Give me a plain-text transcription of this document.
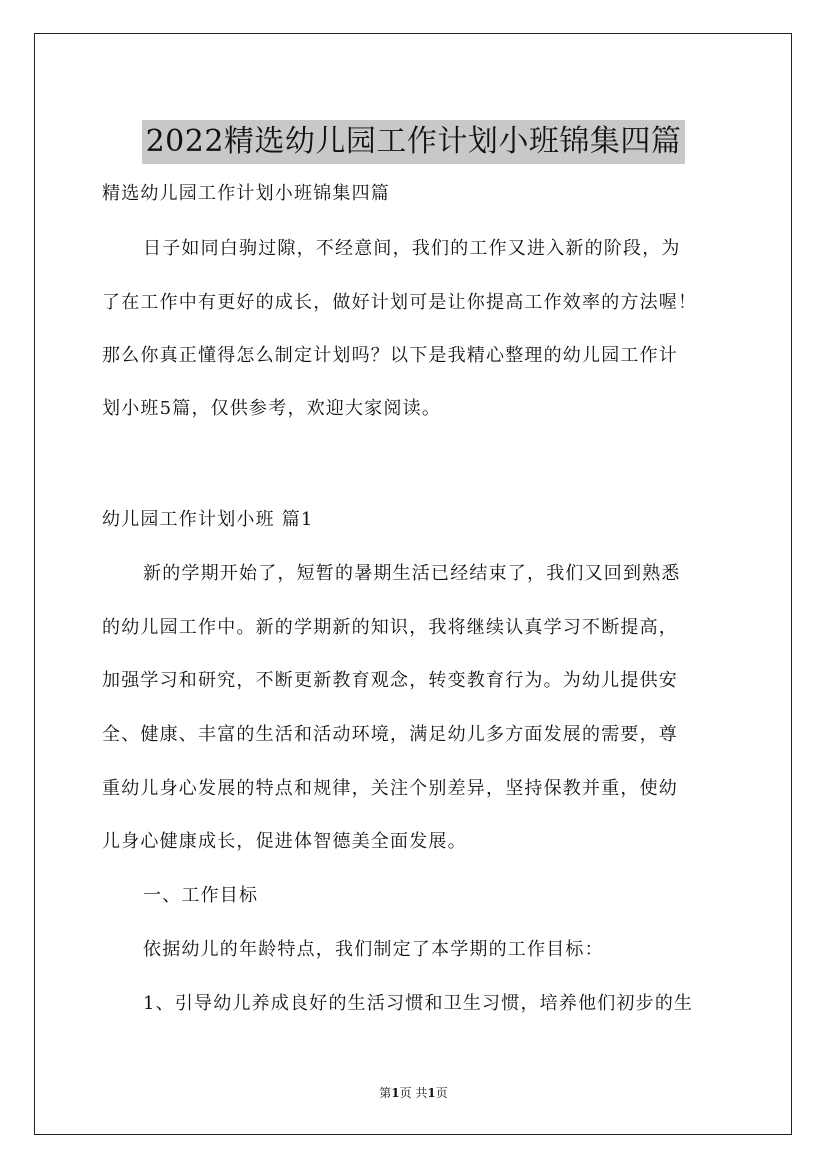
2022精选幼儿园工作计划小班锦集四篇
精选幼儿园工作计划小班锦集四篇
日子如同白驹过隙，不经意间，我们的工作又进入新的阶段，为
了在工作中有更好的成长，做好计划可是让你提高工作效率的方法喔！
那么你真正懂得怎么制定计划吗？以下是我精心整理的幼儿园工作计
划小班5篇，仅供参考，欢迎大家阅读。
幼儿园工作计划小班 篇1
新的学期开始了，短暂的暑期生活已经结束了，我们又回到熟悉
的幼儿园工作中。新的学期新的知识，我将继续认真学习不断提高，
加强学习和研究，不断更新教育观念，转变教育行为。为幼儿提供安
全、健康、丰富的生活和活动环境，满足幼儿多方面发展的需要，尊
重幼儿身心发展的特点和规律，关注个别差异，坚持保教并重，使幼
儿身心健康成长，促进体智德美全面发展。
一、工作目标
依据幼儿的年龄特点，我们制定了本学期的工作目标：
1、引导幼儿养成良好的生活习惯和卫生习惯，培养他们初步的生
第1页 共1页
